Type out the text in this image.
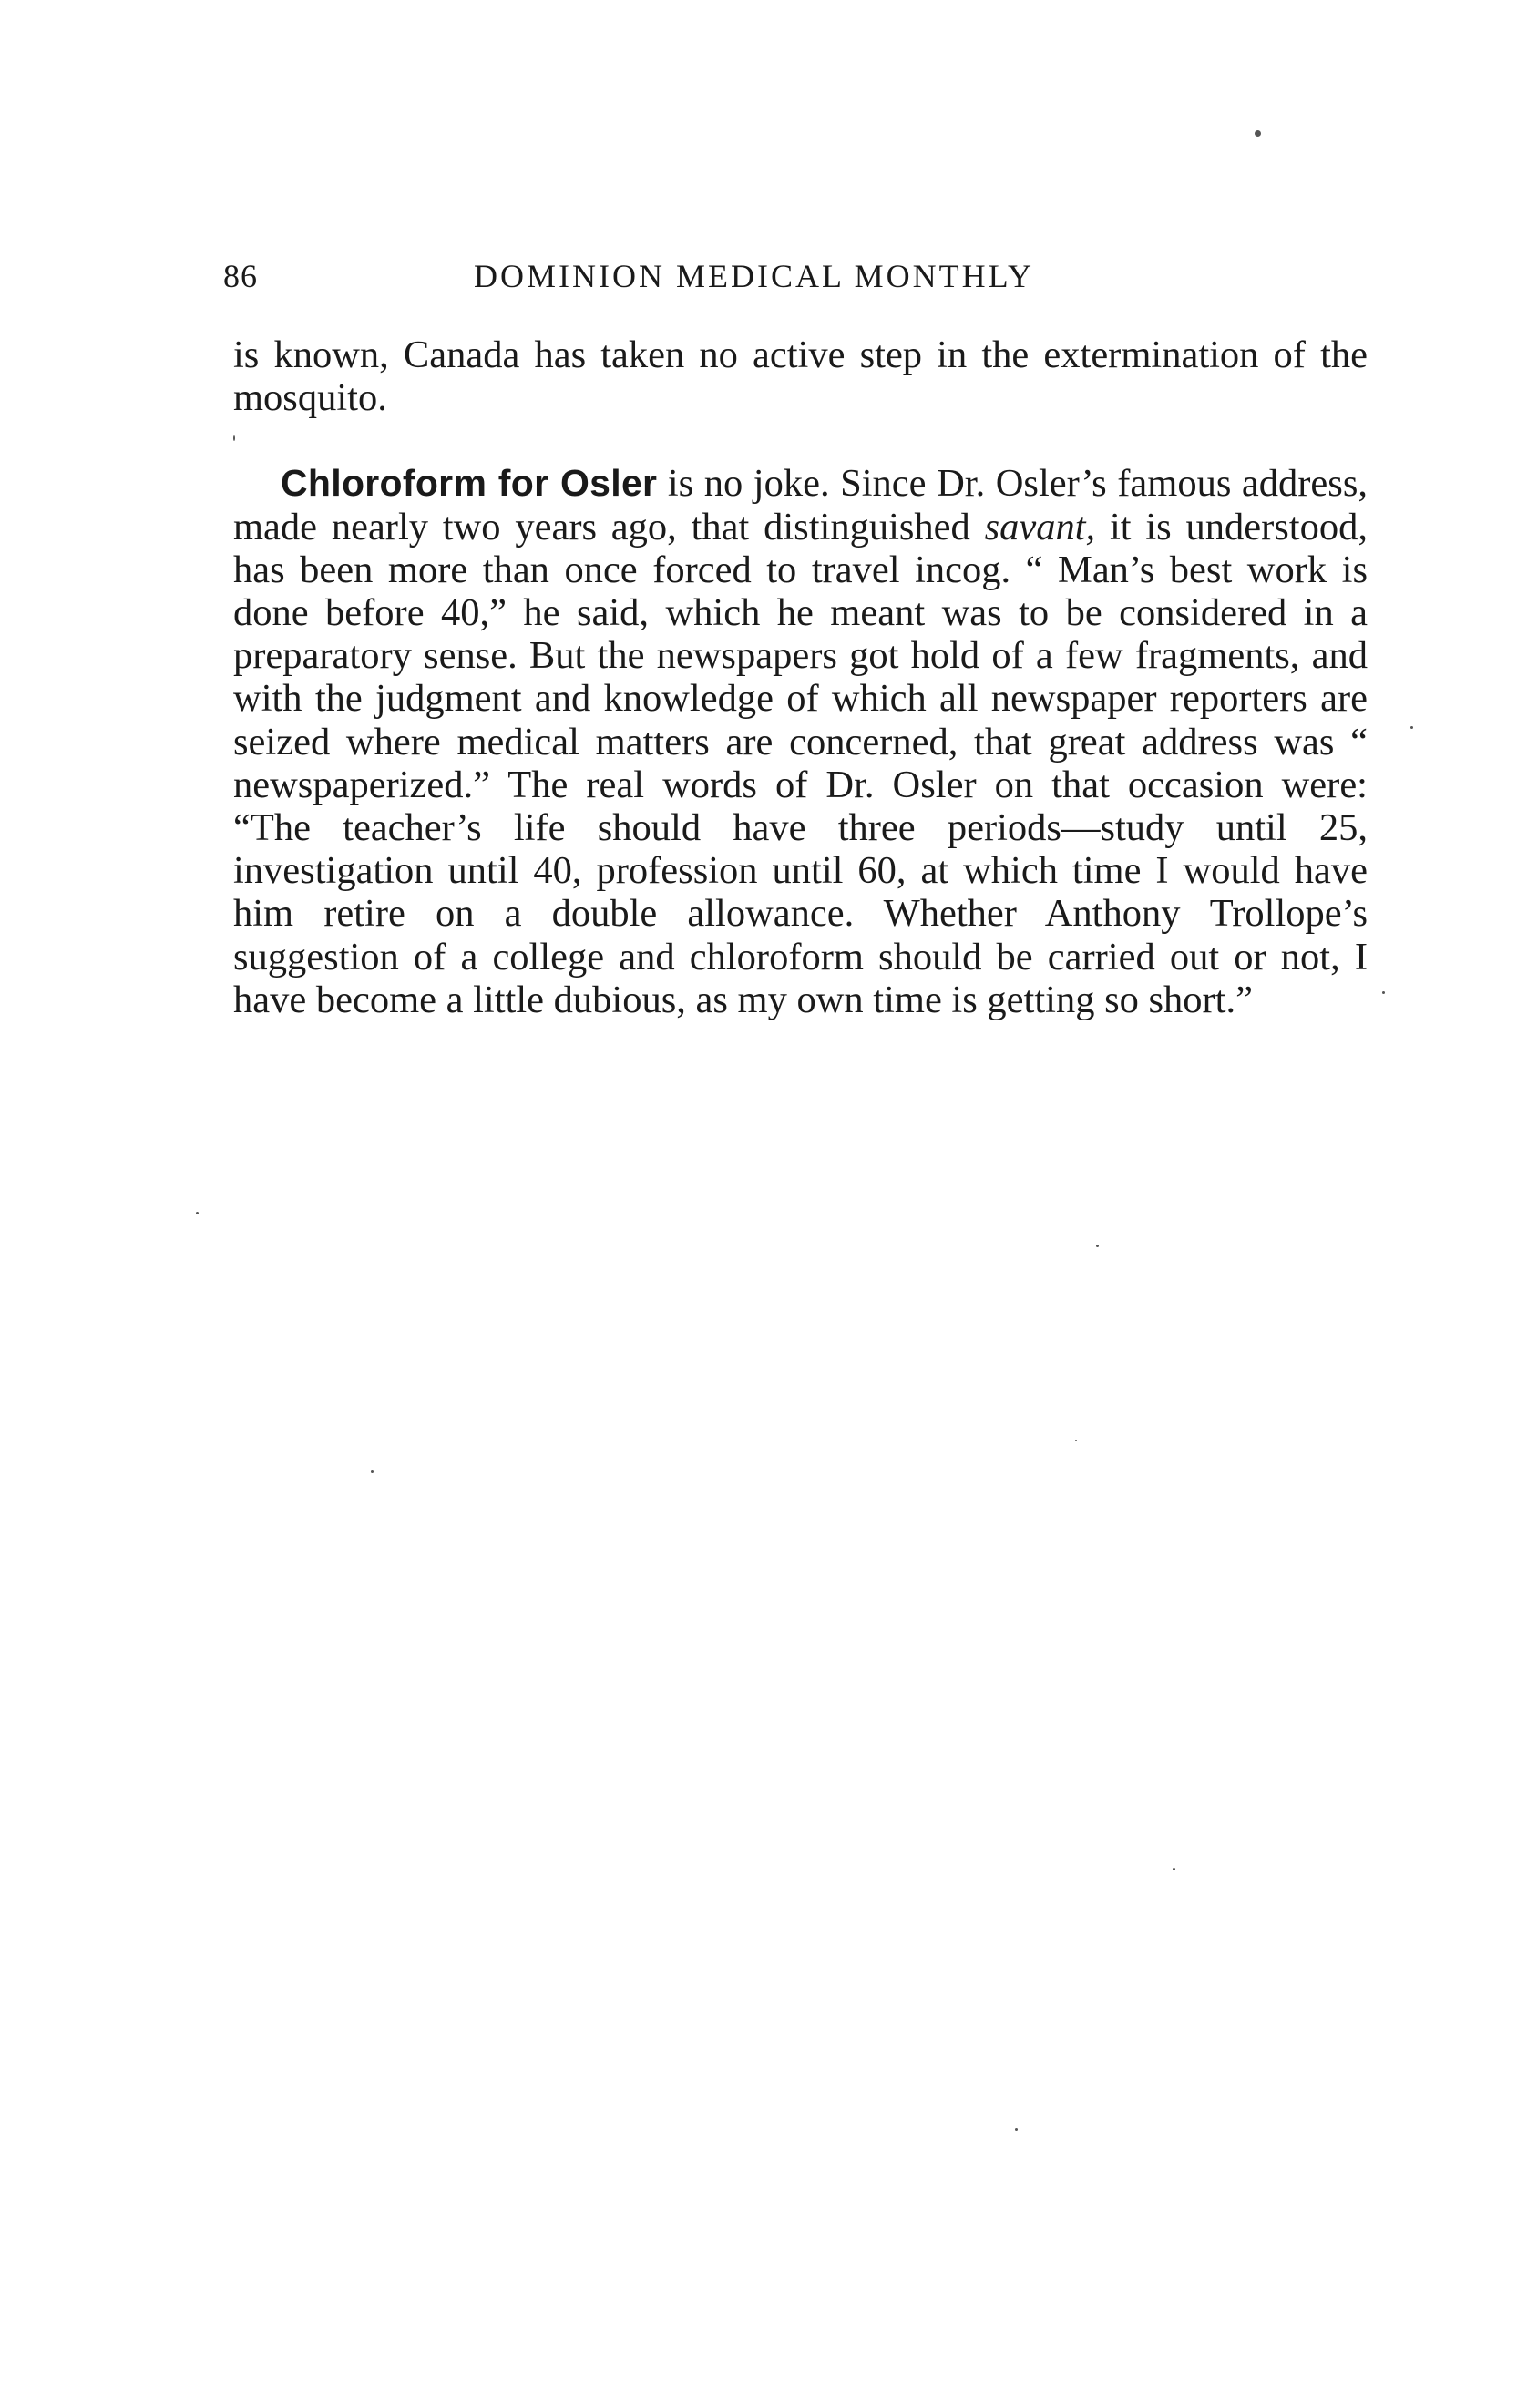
86	DOMINION MEDICAL MONTHLY

is known, Canada has taken no active step in the extermination of the mosquito.

Chloroform for Osler is no joke. Since Dr. Osler’s famous address, made nearly two years ago, that distinguished savant, it is understood, has been more than once forced to travel incog. “ Man’s best work is done before 40,” he said, which he meant was to be considered in a preparatory sense. But the newspapers got hold of a few fragments, and with the judgment and knowledge of which all newspaper reporters are seized where medical matters are concerned, that great address was “ newspaperized.” The real words of Dr. Osler on that occasion were: “The teacher’s life should have three periods—study until 25, investigation until 40, profession until 60, at which time I would have him retire on a double allowance. Whether Anthony Trollope’s suggestion of a college and chloroform should be carried out or not, I have become a little dubious, as my own time is getting so short.”
